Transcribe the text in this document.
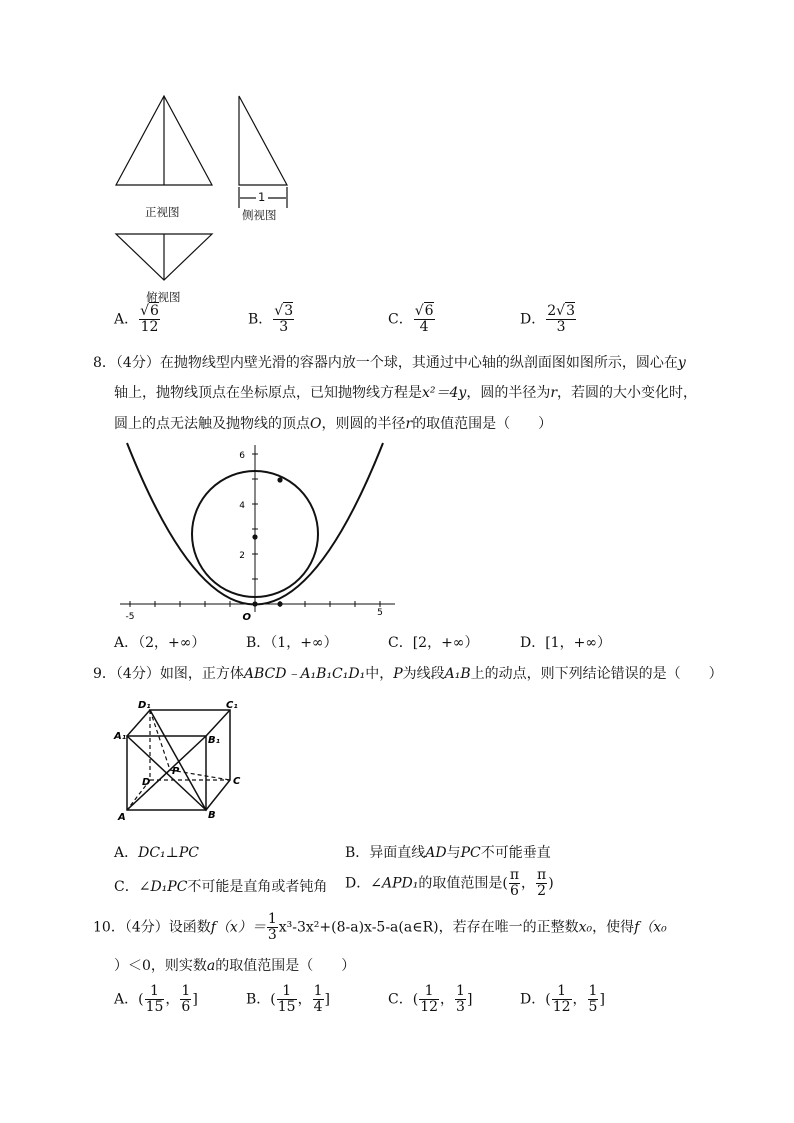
1
正视图	侧视图
俯视图
A． $\frac{√6}{12}$	B． $\frac{√3}{3}$	C． $\frac{√6}{4}$	D． $\frac{2√3}{3}$
8．（4分）在抛物线型内壁光滑的容器内放一个球，其通过中心轴的纵剖面图如图所示，圆心在y
轴上，抛物线顶点在坐标原点，已知抛物线方程是x²＝4y，圆的半径为r，若圆的大小变化时，
圆上的点无法触及抛物线的顶点O，则圆的半径r的取值范围是（　　）
6
4
2
-5	5
O
A．（2，+∞）	B．（1，+∞）	C．[2，+∞）	D．[1，+∞）
9．（4分）如图，正方体ABCD﹣A₁B₁C₁D₁中，P为线段A₁B上的动点，则下列结论错误的是（　　）
D₁	C₁
A₁	B₁
D
P
C
A	B
A．DC₁⊥PC	B．异面直线AD与PC不可能垂直
C．∠D₁PC不可能是直角或者钝角 D．∠APD₁的取值范围是( $\frac{\pi}{6}$ ， $\frac{\pi}{2}$ )
10．（4分）设函数$f(x)= \frac{1}{3}$ x³-3x²+(8-a)x-5-a(a∈R)，若存在唯一的正整数x₀，使得f（x₀
）＜0，则实数a的取值范围是（　　）
A．( $\frac{1}{15}$ ， $\frac{1}{6}$ ]	B．( $\frac{1}{15}$ ， $\frac{1}{4}$ ]	C．( $\frac{1}{12}$ ， $\frac{1}{3}$ ]	D．( $\frac{1}{12}$ ， $\frac{1}{5}$ ]
